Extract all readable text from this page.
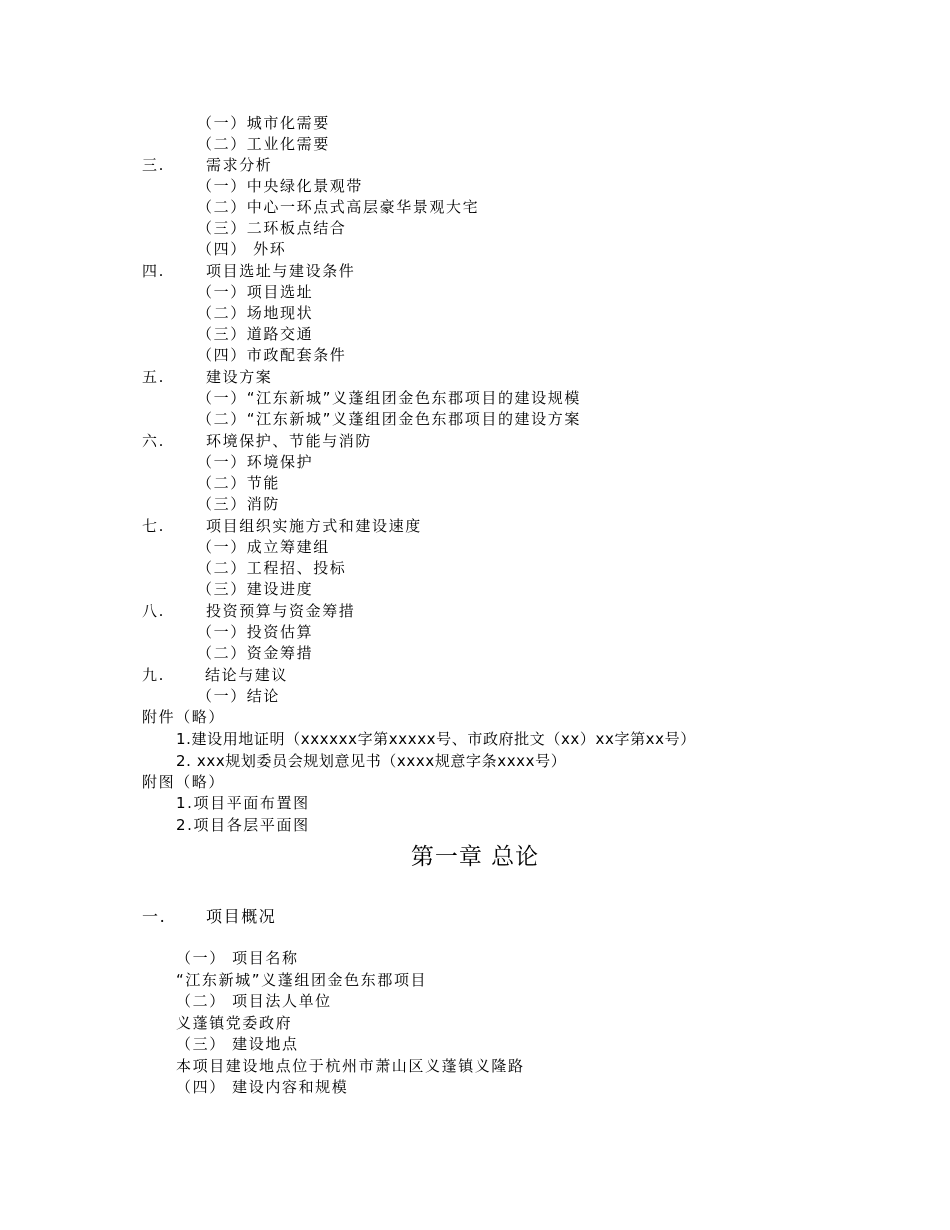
（一）城市化需要
（二）工业化需要
三.	需求分析
（一）中央绿化景观带
（二）中心一环点式高层豪华景观大宅
（三）二环板点结合
（四） 外环
四.	项目选址与建设条件
（一）项目选址
（二）场地现状
（三）道路交通
（四）市政配套条件
五.	建设方案
（一）“江东新城”义蓬组团金色东郡项目的建设规模
（二）“江东新城”义蓬组团金色东郡项目的建设方案
六.	环境保护、节能与消防
（一）环境保护
（二）节能
（三）消防
七.	项目组织实施方式和建设速度
（一）成立筹建组
（二）工程招、投标
（三）建设进度
八.	投资预算与资金筹措
（一）投资估算
（二）资金筹措
九.	结论与建议
（一）结论
附件（略）
1.建设用地证明（xxxxxx字第xxxxx号、市政府批文（xx）xx字第xx号）
2. xxx规划委员会规划意见书（xxxx规意字条xxxx号）
附图（略）
1.项目平面布置图
2.项目各层平面图
第一章 总论
一. 项目概况
（一） 项目名称
“江东新城”义蓬组团金色东郡项目
（二） 项目法人单位
义蓬镇党委政府
（三） 建设地点
本项目建设地点位于杭州市萧山区义蓬镇义隆路
（四） 建设内容和规模
